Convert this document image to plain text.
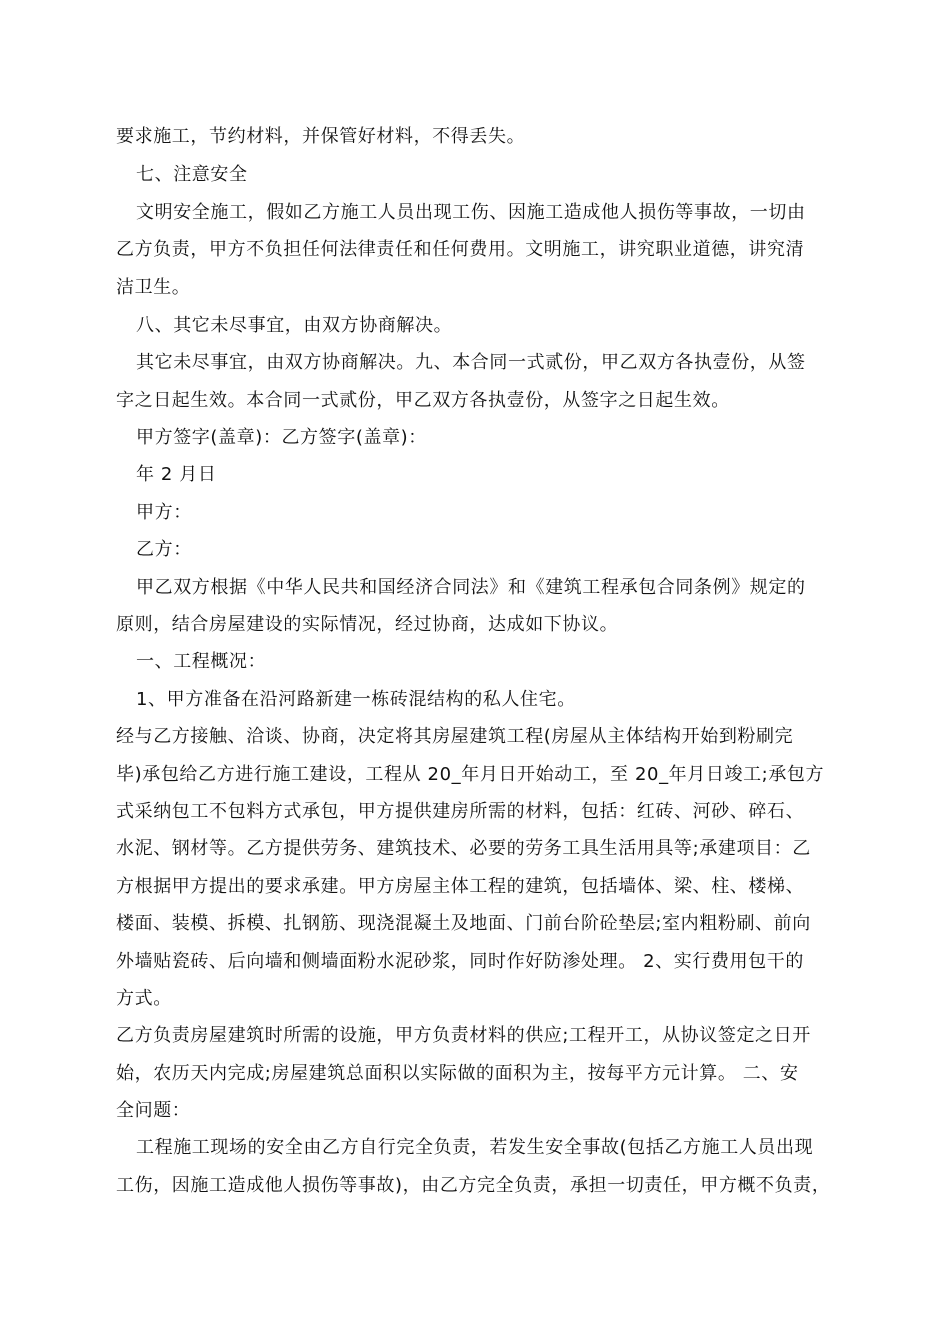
要求施工，节约材料，并保管好材料，不得丢失。
七、注意安全
文明安全施工，假如乙方施工人员出现工伤、因施工造成他人损伤等事故，一切由
乙方负责，甲方不负担任何法律责任和任何费用。文明施工，讲究职业道德，讲究清
洁卫生。
八、其它未尽事宜，由双方协商解决。
其它未尽事宜，由双方协商解决。九、本合同一式贰份，甲乙双方各执壹份，从签
字之日起生效。本合同一式贰份，甲乙双方各执壹份，从签字之日起生效。
甲方签字(盖章)：乙方签字(盖章)：
年 2 月日
甲方：
乙方：
甲乙双方根据《中华人民共和国经济合同法》和《建筑工程承包合同条例》规定的
原则，结合房屋建设的实际情况，经过协商，达成如下协议。
一、工程概况：
1、甲方准备在沿河路新建一栋砖混结构的私人住宅。
经与乙方接触、洽谈、协商，决定将其房屋建筑工程(房屋从主体结构开始到粉刷完
毕)承包给乙方进行施工建设，工程从 20_年月日开始动工，至 20_年月日竣工;承包方
式采纳包工不包料方式承包，甲方提供建房所需的材料，包括：红砖、河砂、碎石、
水泥、钢材等。乙方提供劳务、建筑技术、必要的劳务工具生活用具等;承建项目：乙
方根据甲方提出的要求承建。甲方房屋主体工程的建筑，包括墙体、梁、柱、楼梯、
楼面、装模、拆模、扎钢筋、现浇混凝土及地面、门前台阶砼垫层;室内粗粉刷、前向
外墙贴瓷砖、后向墙和侧墙面粉水泥砂浆，同时作好防渗处理。 2、实行费用包干的
方式。
乙方负责房屋建筑时所需的设施，甲方负责材料的供应;工程开工，从协议签定之日开
始，农历天内完成;房屋建筑总面积以实际做的面积为主，按每平方元计算。 二、安
全问题：
工程施工现场的安全由乙方自行完全负责，若发生安全事故(包括乙方施工人员出现
工伤，因施工造成他人损伤等事故)，由乙方完全负责，承担一切责任，甲方概不负责，
